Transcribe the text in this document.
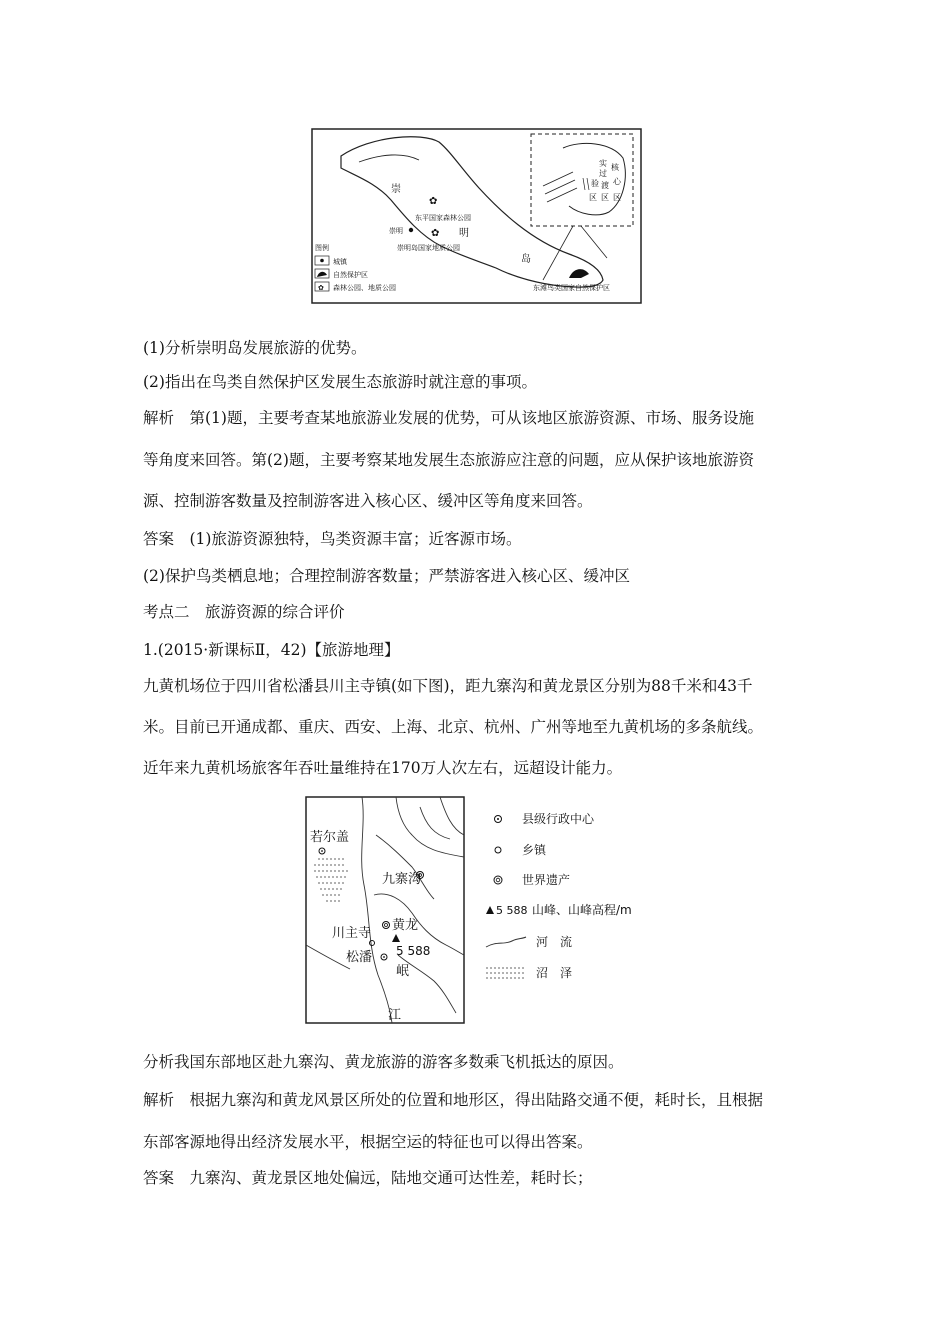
实
过
核
验 渡 心
区 区 区
崇
明
岛
✿
东平国家森林公园
✿
崇明岛国家地质公园
崇明
东滩鸟类国家自然保护区
图例
城镇
自然保护区
✿ 森林公园、地质公园
(1)分析崇明岛发展旅游的优势。
(2)指出在鸟类自然保护区发展生态旅游时就注意的事项。
解析　第(1)题，主要考查某地旅游业发展的优势，可从该地区旅游资源、市场、服务设施
等角度来回答。第(2)题，主要考察某地发展生态旅游应注意的问题，应从保护该地旅游资
源、控制游客数量及控制游客进入核心区、缓冲区等角度来回答。
答案　(1)旅游资源独特，鸟类资源丰富；近客源市场。
(2)保护鸟类栖息地；合理控制游客数量；严禁游客进入核心区、缓冲区
考点二　旅游资源的综合评价
1.(2015·新课标Ⅱ，42)【旅游地理】
九黄机场位于四川省松潘县川主寺镇(如下图)，距九寨沟和黄龙景区分别为88千米和43千
米。目前已开通成都、重庆、西安、上海、北京、杭州、广州等地至九黄机场的多条航线。
近年来九黄机场旅客年吞吐量维持在170万人次左右，远超设计能力。
若尔盖
九寨沟
黄龙
川主寺
松潘 5 588
岷
江
县级行政中心
乡镇
世界遗产
5 588 山峰、山峰高程/m
河　流
沼　泽
分析我国东部地区赴九寨沟、黄龙旅游的游客多数乘飞机抵达的原因。
解析　根据九寨沟和黄龙风景区所处的位置和地形区，得出陆路交通不便，耗时长，且根据
东部客源地得出经济发展水平，根据空运的特征也可以得出答案。
答案　九寨沟、黄龙景区地处偏远，陆地交通可达性差，耗时长；
